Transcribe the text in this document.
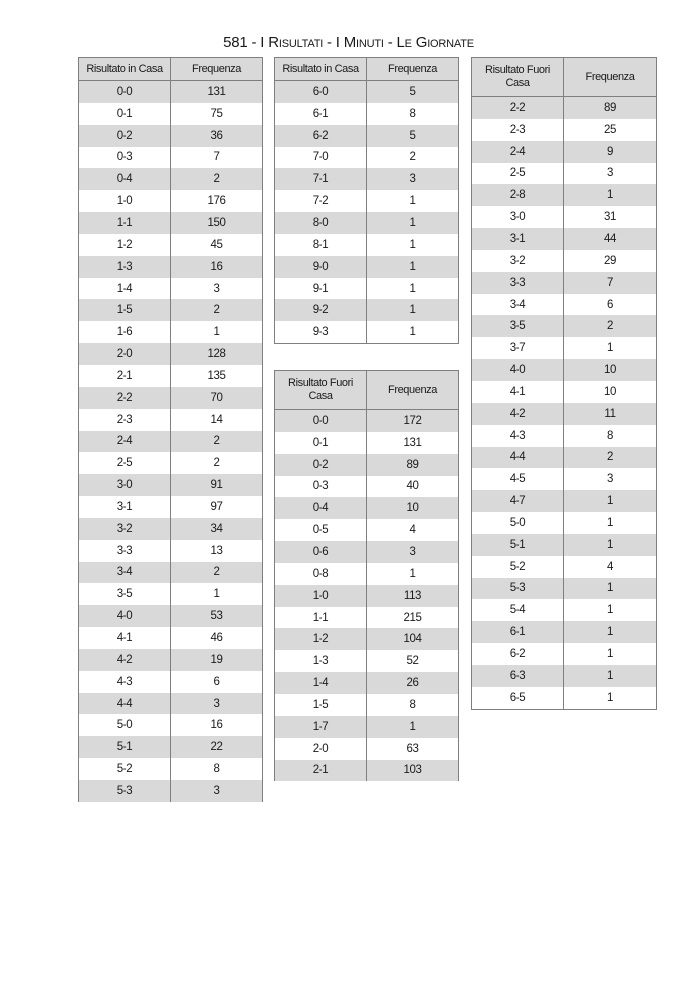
581 - I Risultati - I Minuti - Le Giornate
Risultato in Casa	Frequenza
0-0	131
0-1	75
0-2	36
0-3	7
0-4	2
1-0	176
1-1	150
1-2	45
1-3	16
1-4	3
1-5	2
1-6	1
2-0	128
2-1	135
2-2	70
2-3	14
2-4	2
2-5	2
3-0	91
3-1	97
3-2	34
3-3	13
3-4	2
3-5	1
4-0	53
4-1	46
4-2	19
4-3	6
4-4	3
5-0	16
5-1	22
5-2	8
5-3	3
Risultato in Casa	Frequenza
6-0	5
6-1	8
6-2	5
7-0	2
7-1	3
7-2	1
8-0	1
8-1	1
9-0	1
9-1	1
9-2	1
9-3	1
Risultato Fuori Casa	Frequenza
0-0	172
0-1	131
0-2	89
0-3	40
0-4	10
0-5	4
0-6	3
0-8	1
1-0	113
1-1	215
1-2	104
1-3	52
1-4	26
1-5	8
1-7	1
2-0	63
2-1	103
Risultato Fuori Casa	Frequenza
2-2	89
2-3	25
2-4	9
2-5	3
2-8	1
3-0	31
3-1	44
3-2	29
3-3	7
3-4	6
3-5	2
3-7	1
4-0	10
4-1	10
4-2	11
4-3	8
4-4	2
4-5	3
4-7	1
5-0	1
5-1	1
5-2	4
5-3	1
5-4	1
6-1	1
6-2	1
6-3	1
6-5	1
